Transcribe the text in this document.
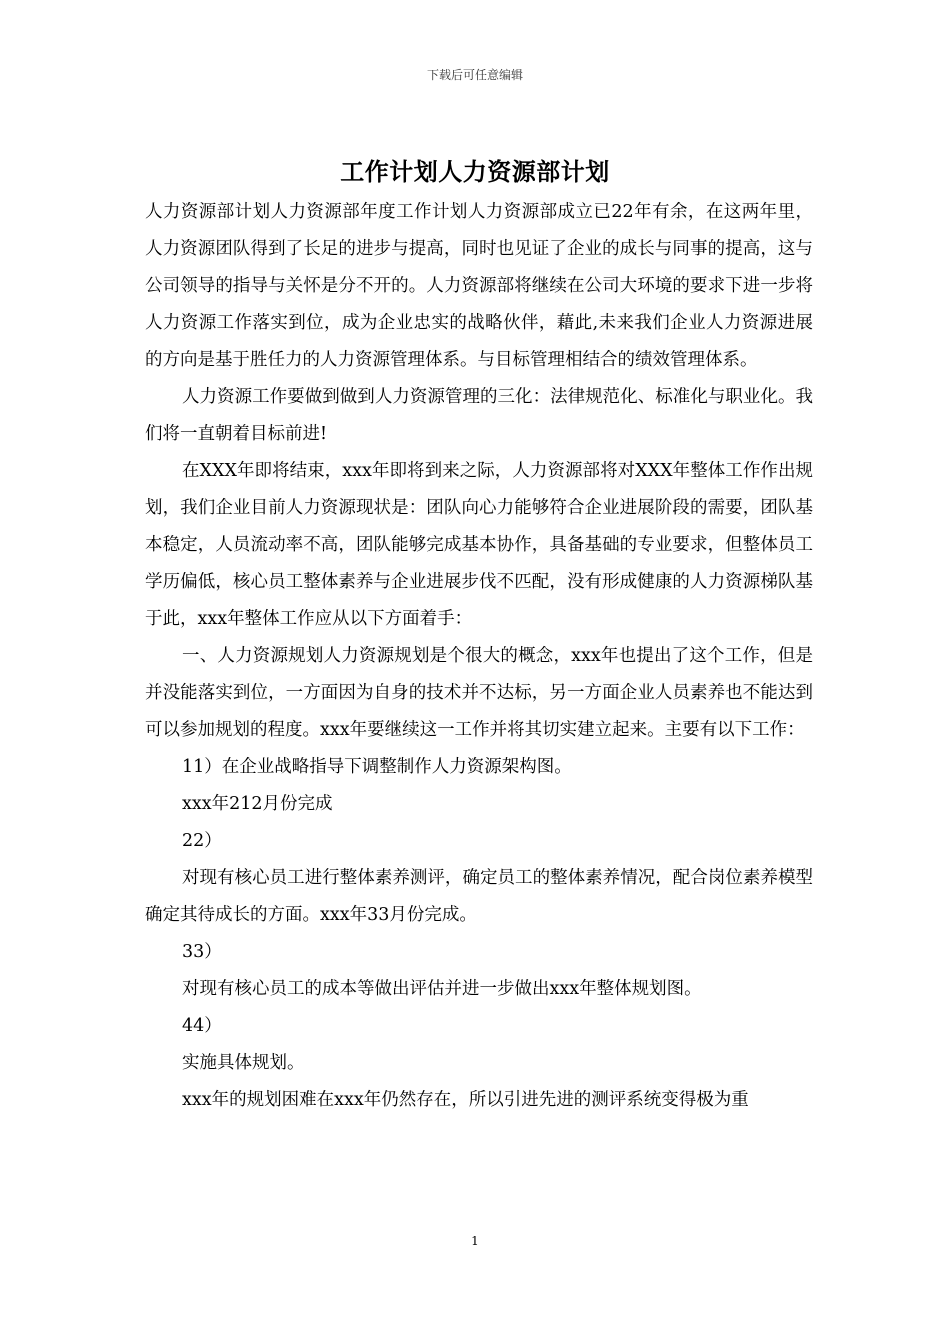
下载后可任意编辑
工作计划人力资源部计划

人力资源部计划人力资源部年度工作计划人力资源部成立已22年有余，在这两年里，人力资源团队得到了长足的进步与提高，同时也见证了企业的成长与同事的提高，这与公司领导的指导与关怀是分不开的。人力资源部将继续在公司大环境的要求下进一步将人力资源工作落实到位，成为企业忠实的战略伙伴，藉此,未来我们企业人力资源进展的方向是基于胜任力的人力资源管理体系。与目标管理相结合的绩效管理体系。

人力资源工作要做到做到人力资源管理的三化：法律规范化、标准化与职业化。我们将一直朝着目标前进!

在XXX年即将结束，xxx年即将到来之际，人力资源部将对XXX年整体工作作出规划，我们企业目前人力资源现状是：团队向心力能够符合企业进展阶段的需要，团队基本稳定，人员流动率不高，团队能够完成基本协作，具备基础的专业要求，但整体员工学历偏低，核心员工整体素养与企业进展步伐不匹配，没有形成健康的人力资源梯队基于此，xxx年整体工作应从以下方面着手：

一、人力资源规划人力资源规划是个很大的概念，xxx年也提出了这个工作，但是并没能落实到位，一方面因为自身的技术并不达标，另一方面企业人员素养也不能达到可以参加规划的程度。xxx年要继续这一工作并将其切实建立起来。主要有以下工作：

11）在企业战略指导下调整制作人力资源架构图。

xxx年212月份完成

22）

对现有核心员工进行整体素养测评，确定员工的整体素养情况，配合岗位素养模型确定其待成长的方面。xxx年33月份完成。

33）

对现有核心员工的成本等做出评估并进一步做出xxx年整体规划图。

44）

实施具体规划。

xxx年的规划困难在xxx年仍然存在，所以引进先进的测评系统变得极为重

1
